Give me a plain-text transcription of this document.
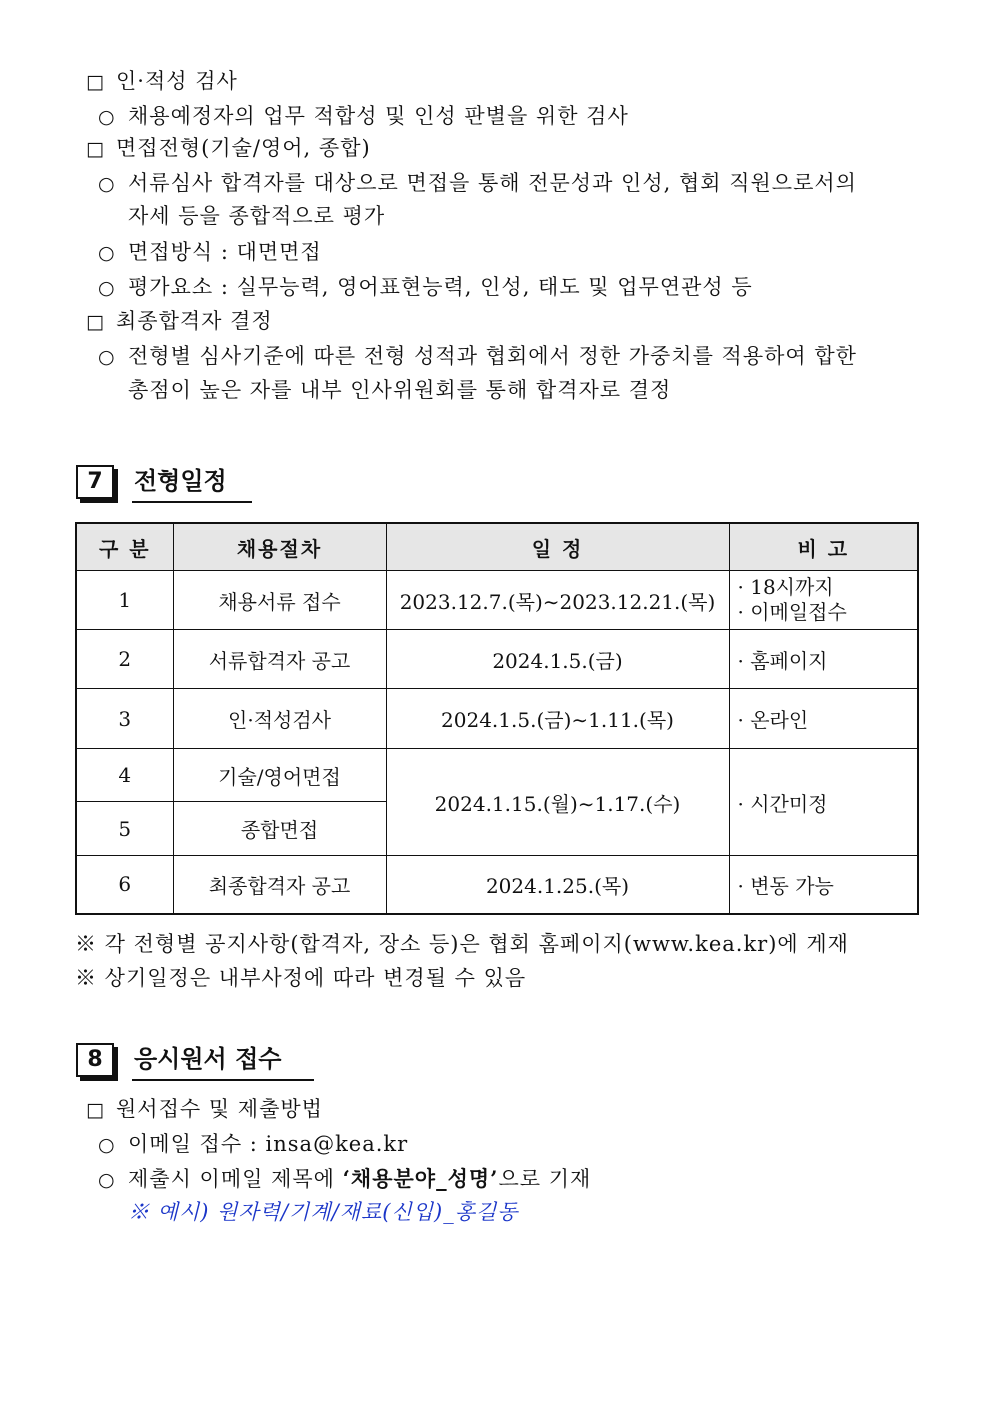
□ 인·적성 검사
○ 채용예정자의 업무 적합성 및 인성 판별을 위한 검사
□ 면접전형(기술/영어, 종합)
○ 서류심사 합격자를 대상으로 면접을 통해 전문성과 인성, 협회 직원으로서의
자세 등을 종합적으로 평가
○ 면접방식 : 대면면접
○ 평가요소 : 실무능력, 영어표현능력, 인성, 태도 및 업무연관성 등
□ 최종합격자 결정
○ 전형별 심사기준에 따른 전형 성적과 협회에서 정한 가중치를 적용하여 합한
총점이 높은 자를 내부 인사위원회를 통해 합격자로 결정
7	전형일정
구 분	채용절차	일 정	비 고
1	채용서류 접수	2023.12.7.(목)∼2023.12.21.(목)	· 18시까지
· 이메일접수

2	서류합격자 공고	2024.1.5.(금)	· 홈페이지
3	인·적성검사	2024.1.5.(금)∼1.11.(목)	· 온라인
4	기술/영어면접	2024.1.15.(월)∼1.17.(수)	· 시간미정
5	종합면접		
6	최종합격자 공고	2024.1.25.(목)	· 변동 가능
※ 각 전형별 공지사항(합격자, 장소 등)은 협회 홈페이지(www.kea.kr)에 게재
※ 상기일정은 내부사정에 따라 변경될 수 있음
8	응시원서 접수
□ 원서접수 및 제출방법
○ 이메일 접수 : insa@kea.kr
○ 제출시 이메일 제목에 ‘채용분야_성명’으로 기재
※ 예시) 원자력/기계/재료(신입)_홍길동
